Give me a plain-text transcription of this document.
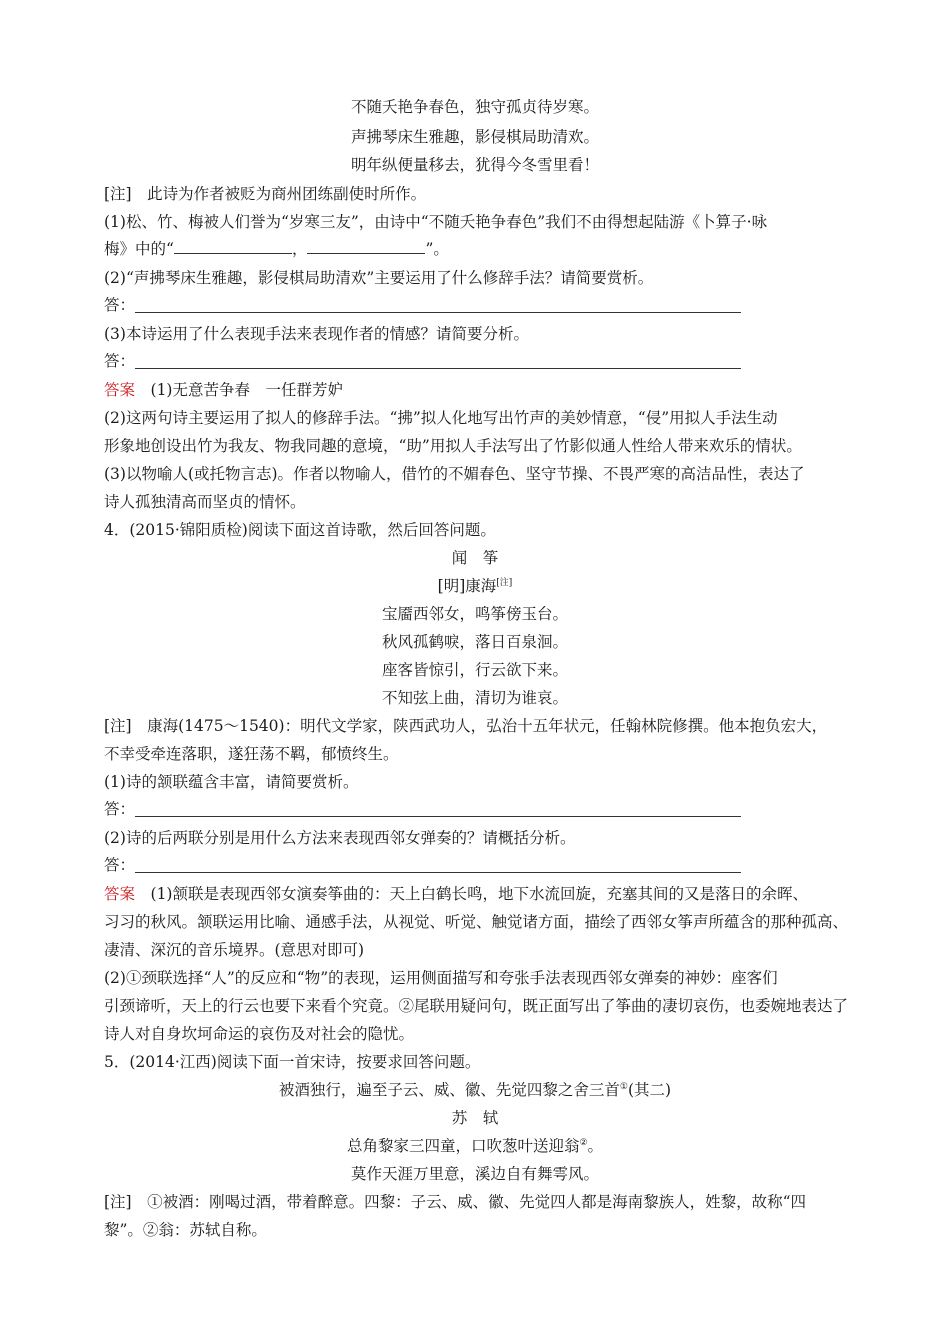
不随夭艳争春色，独守孤贞待岁寒。
声拂琴床生雅趣，影侵棋局助清欢。
明年纵便量移去，犹得今冬雪里看！
[注]　此诗为作者被贬为商州团练副使时所作。
(1)松、竹、梅被人们誉为“岁寒三友”，由诗中“不随夭艳争春色”我们不由得想起陆游《卜算子·咏
梅》中的“	，	”。
(2)“声拂琴床生雅趣，影侵棋局助清欢”主要运用了什么修辞手法？请简要赏析。
答：
(3)本诗运用了什么表现手法来表现作者的情感？请简要分析。
答：
答案　(1)无意苦争春　一任群芳妒
(2)这两句诗主要运用了拟人的修辞手法。“拂”拟人化地写出竹声的美妙情意，“侵”用拟人手法生动
形象地创设出竹为我友、物我同趣的意境，“助”用拟人手法写出了竹影似通人性给人带来欢乐的情状。
(3)以物喻人(或托物言志)。作者以物喻人，借竹的不媚春色、坚守节操、不畏严寒的高洁品性，表达了
诗人孤独清高而坚贞的情怀。
4．(2015·锦阳质检)阅读下面这首诗歌，然后回答问题。
闻　筝
[明]康海[注]
宝靥西邻女，鸣筝傍玉台。
秋风孤鹤唳，落日百泉洄。
座客皆惊引，行云欲下来。
不知弦上曲，清切为谁哀。
[注]　康海(1475～1540)：明代文学家，陕西武功人，弘治十五年状元，任翰林院修撰。他本抱负宏大，
不幸受牵连落职，遂狂荡不羁，郁愤终生。
(1)诗的颔联蕴含丰富，请简要赏析。
答：
(2)诗的后两联分别是用什么方法来表现西邻女弹奏的？请概括分析。
答：
答案　(1)颔联是表现西邻女演奏筝曲的：天上白鹤长鸣，地下水流回旋，充塞其间的又是落日的余晖、
习习的秋风。颔联运用比喻、通感手法，从视觉、听觉、触觉诸方面，描绘了西邻女筝声所蕴含的那种孤高、
凄清、深沉的音乐境界。(意思对即可)
(2)①颈联选择“人”的反应和“物”的表现，运用侧面描写和夸张手法表现西邻女弹奏的神妙：座客们
引颈谛听，天上的行云也要下来看个究竟。②尾联用疑问句，既正面写出了筝曲的凄切哀伤，也委婉地表达了
诗人对自身坎坷命运的哀伤及对社会的隐忧。
5．(2014·江西)阅读下面一首宋诗，按要求回答问题。
被酒独行，遍至子云、威、徽、先觉四黎之舍三首①(其二)
苏　轼
总角黎家三四童，口吹葱叶送迎翁②。
莫作天涯万里意，溪边自有舞雩风。
[注]　①被酒：刚喝过酒，带着醉意。四黎：子云、威、徽、先觉四人都是海南黎族人，姓黎，故称“四
黎”。②翁：苏轼自称。
